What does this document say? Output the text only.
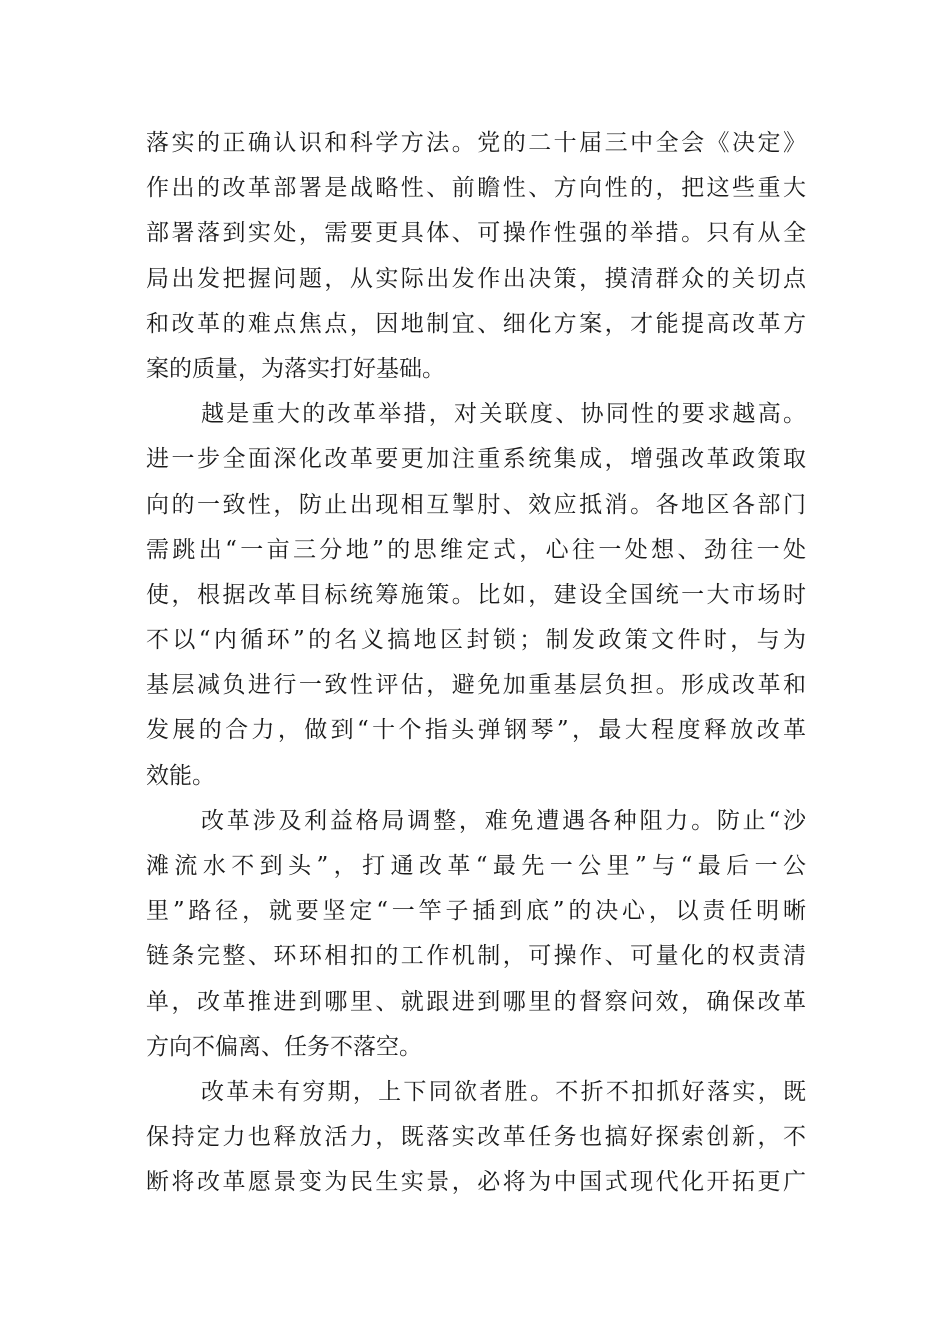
落实的正确认识和科学方法。党的二十届三中全会《决定》
作出的改革部署是战略性、前瞻性、方向性的，把这些重大
部署落到实处，需要更具体、可操作性强的举措。只有从全
局出发把握问题，从实际出发作出决策，摸清群众的关切点
和改革的难点焦点，因地制宜、细化方案，才能提高改革方
案的质量，为落实打好基础。
越是重大的改革举措，对关联度、协同性的要求越高。
进一步全面深化改革要更加注重系统集成，增强改革政策取
向的一致性，防止出现相互掣肘、效应抵消。各地区各部门
需跳出“一亩三分地”的思维定式，心往一处想、劲往一处
使，根据改革目标统筹施策。比如，建设全国统一大市场时
不以“内循环”的名义搞地区封锁；制发政策文件时，与为
基层减负进行一致性评估，避免加重基层负担。形成改革和
发展的合力，做到“十个指头弹钢琴”，最大程度释放改革
效能。
改革涉及利益格局调整，难免遭遇各种阻力。防止“沙
滩流水不到头”，打通改革“最先一公里”与“最后一公
里”路径，就要坚定“一竿子插到底”的决心，以责任明晰
链条完整、环环相扣的工作机制，可操作、可量化的权责清
单，改革推进到哪里、就跟进到哪里的督察问效，确保改革
方向不偏离、任务不落空。
改革未有穷期，上下同欲者胜。不折不扣抓好落实，既
保持定力也释放活力，既落实改革任务也搞好探索创新，不
断将改革愿景变为民生实景，必将为中国式现代化开拓更广
